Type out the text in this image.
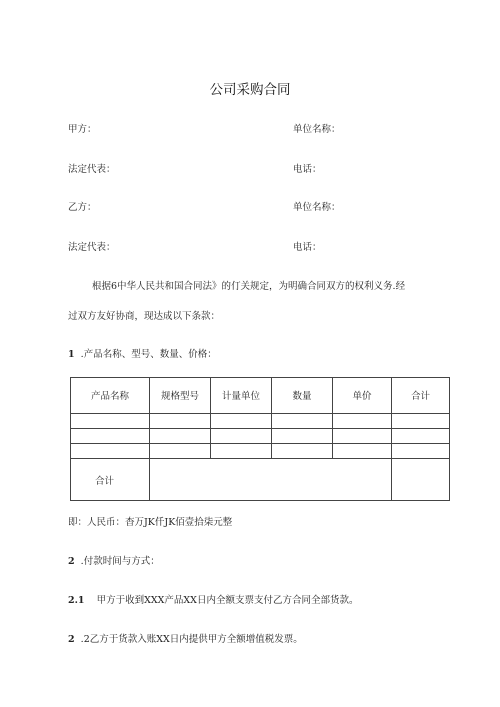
公司采购合同
甲方：	单位名称：
法定代表：	电话：
乙方：	单位名称：
法定代表：	电话：
根据6中华人民共和国合同法》的仃关规定，为明确合同双方的权利义务.经
过双方友好协商，现达成以下条款：
1 .产品名称、型号、数量、价格：
产品名称	规格型号	计量单位	数量	单价	合计

合计					
即：人民币：杳万JK仟JK佰壹拾柒元整
2 .付款时间与方式：
2.1 甲方于收到XXX产品XX日内全额支票支付乙方合同全部货款。
2 .2乙方于货款入账XX日内提供甲方全额增值税发票。
